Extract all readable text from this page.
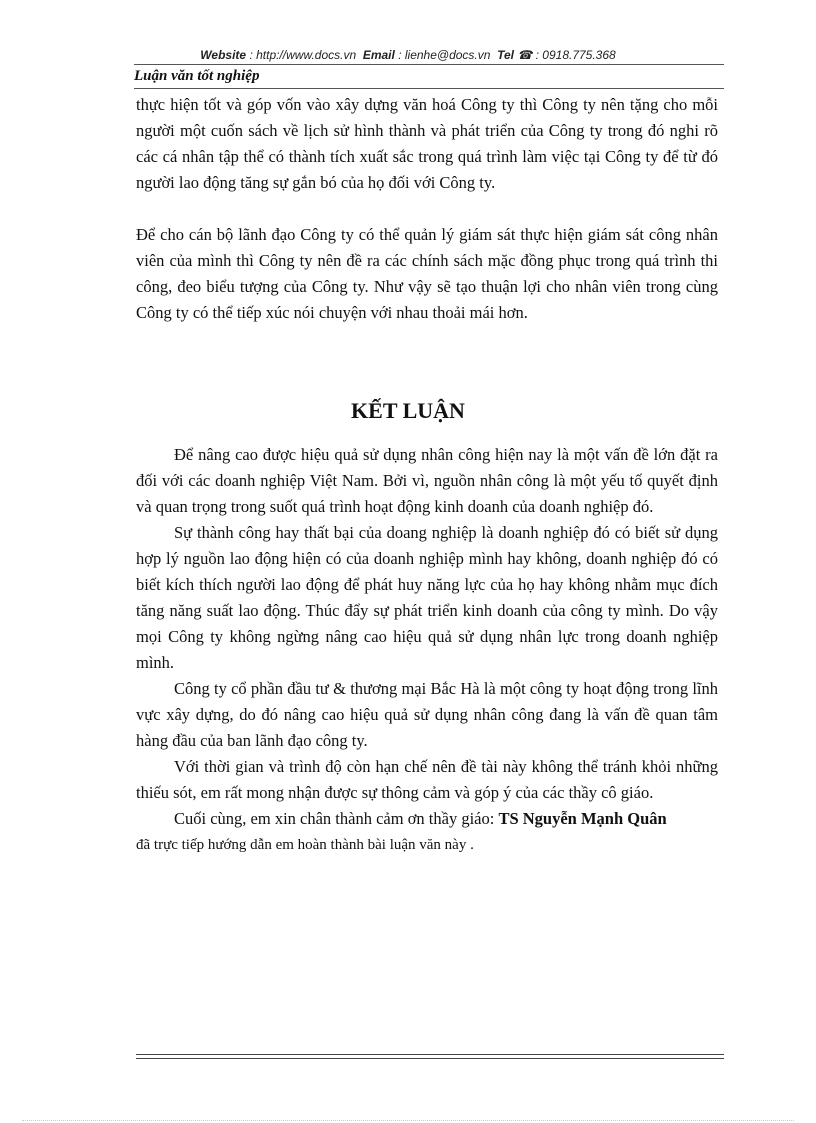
Website : http://www.docs.vn Email : lienhe@docs.vn Tel ☎ : 0918.775.368
Luận văn tốt nghiệp

thực hiện tốt và góp vốn vào xây dựng văn hoá Công ty thì Công ty nên tặng cho mỗi người một cuốn sách về lịch sử hình thành và phát triển của Công ty trong đó nghi rõ các cá nhân tập thể có thành tích xuất sắc trong quá trình làm việc tại Công ty để từ đó người lao động tăng sự gắn bó của họ đối với Công ty.

Để cho cán bộ lãnh đạo Công ty có thể quản lý giám sát thực hiện giám sát công nhân viên của mình thì Công ty nên đề ra các chính sách mặc đồng phục trong quá trình thi công, đeo biểu tượng của Công ty. Như vậy sẽ tạo thuận lợi cho nhân viên trong cùng Công ty có thể tiếp xúc nói chuyện với nhau thoải mái hơn.

KẾT LUẬN

Để nâng cao được hiệu quả sử dụng nhân công hiện nay là một vấn đề lớn đặt ra đối với các doanh nghiệp Việt Nam. Bởi vì, nguồn nhân công là một yếu tố quyết định và quan trọng trong suốt quá trình hoạt động kinh doanh của doanh nghiệp đó.

Sự thành công hay thất bại của doang nghiệp là doanh nghiệp đó có biết sử dụng hợp lý nguồn lao động hiện có của doanh nghiệp mình hay không, doanh nghiệp đó có biết kích thích người lao động để phát huy năng lực của họ hay không nhằm mục đích tăng năng suất lao động. Thúc đẩy sự phát triển kinh doanh của công ty mình. Do vậy mọi Công ty không ngừng nâng cao hiệu quả sử dụng nhân lực trong doanh nghiệp mình.

Công ty cổ phần đầu tư & thương mại Bắc Hà là một công ty hoạt động trong lĩnh vực xây dựng, do đó nâng cao hiệu quả sử dụng nhân công đang là vấn đề quan tâm hàng đầu của ban lãnh đạo công ty.

Với thời gian và trình độ còn hạn chế nên đề tài này không thể tránh khỏi những thiếu sót, em rất mong nhận được sự thông cảm và góp ý của các thầy cô giáo.

Cuối cùng, em xin chân thành cảm ơn thầy giáo: TS Nguyễn Mạnh Quân

đã trực tiếp hướng dẫn em hoàn thành bài luận văn này .
